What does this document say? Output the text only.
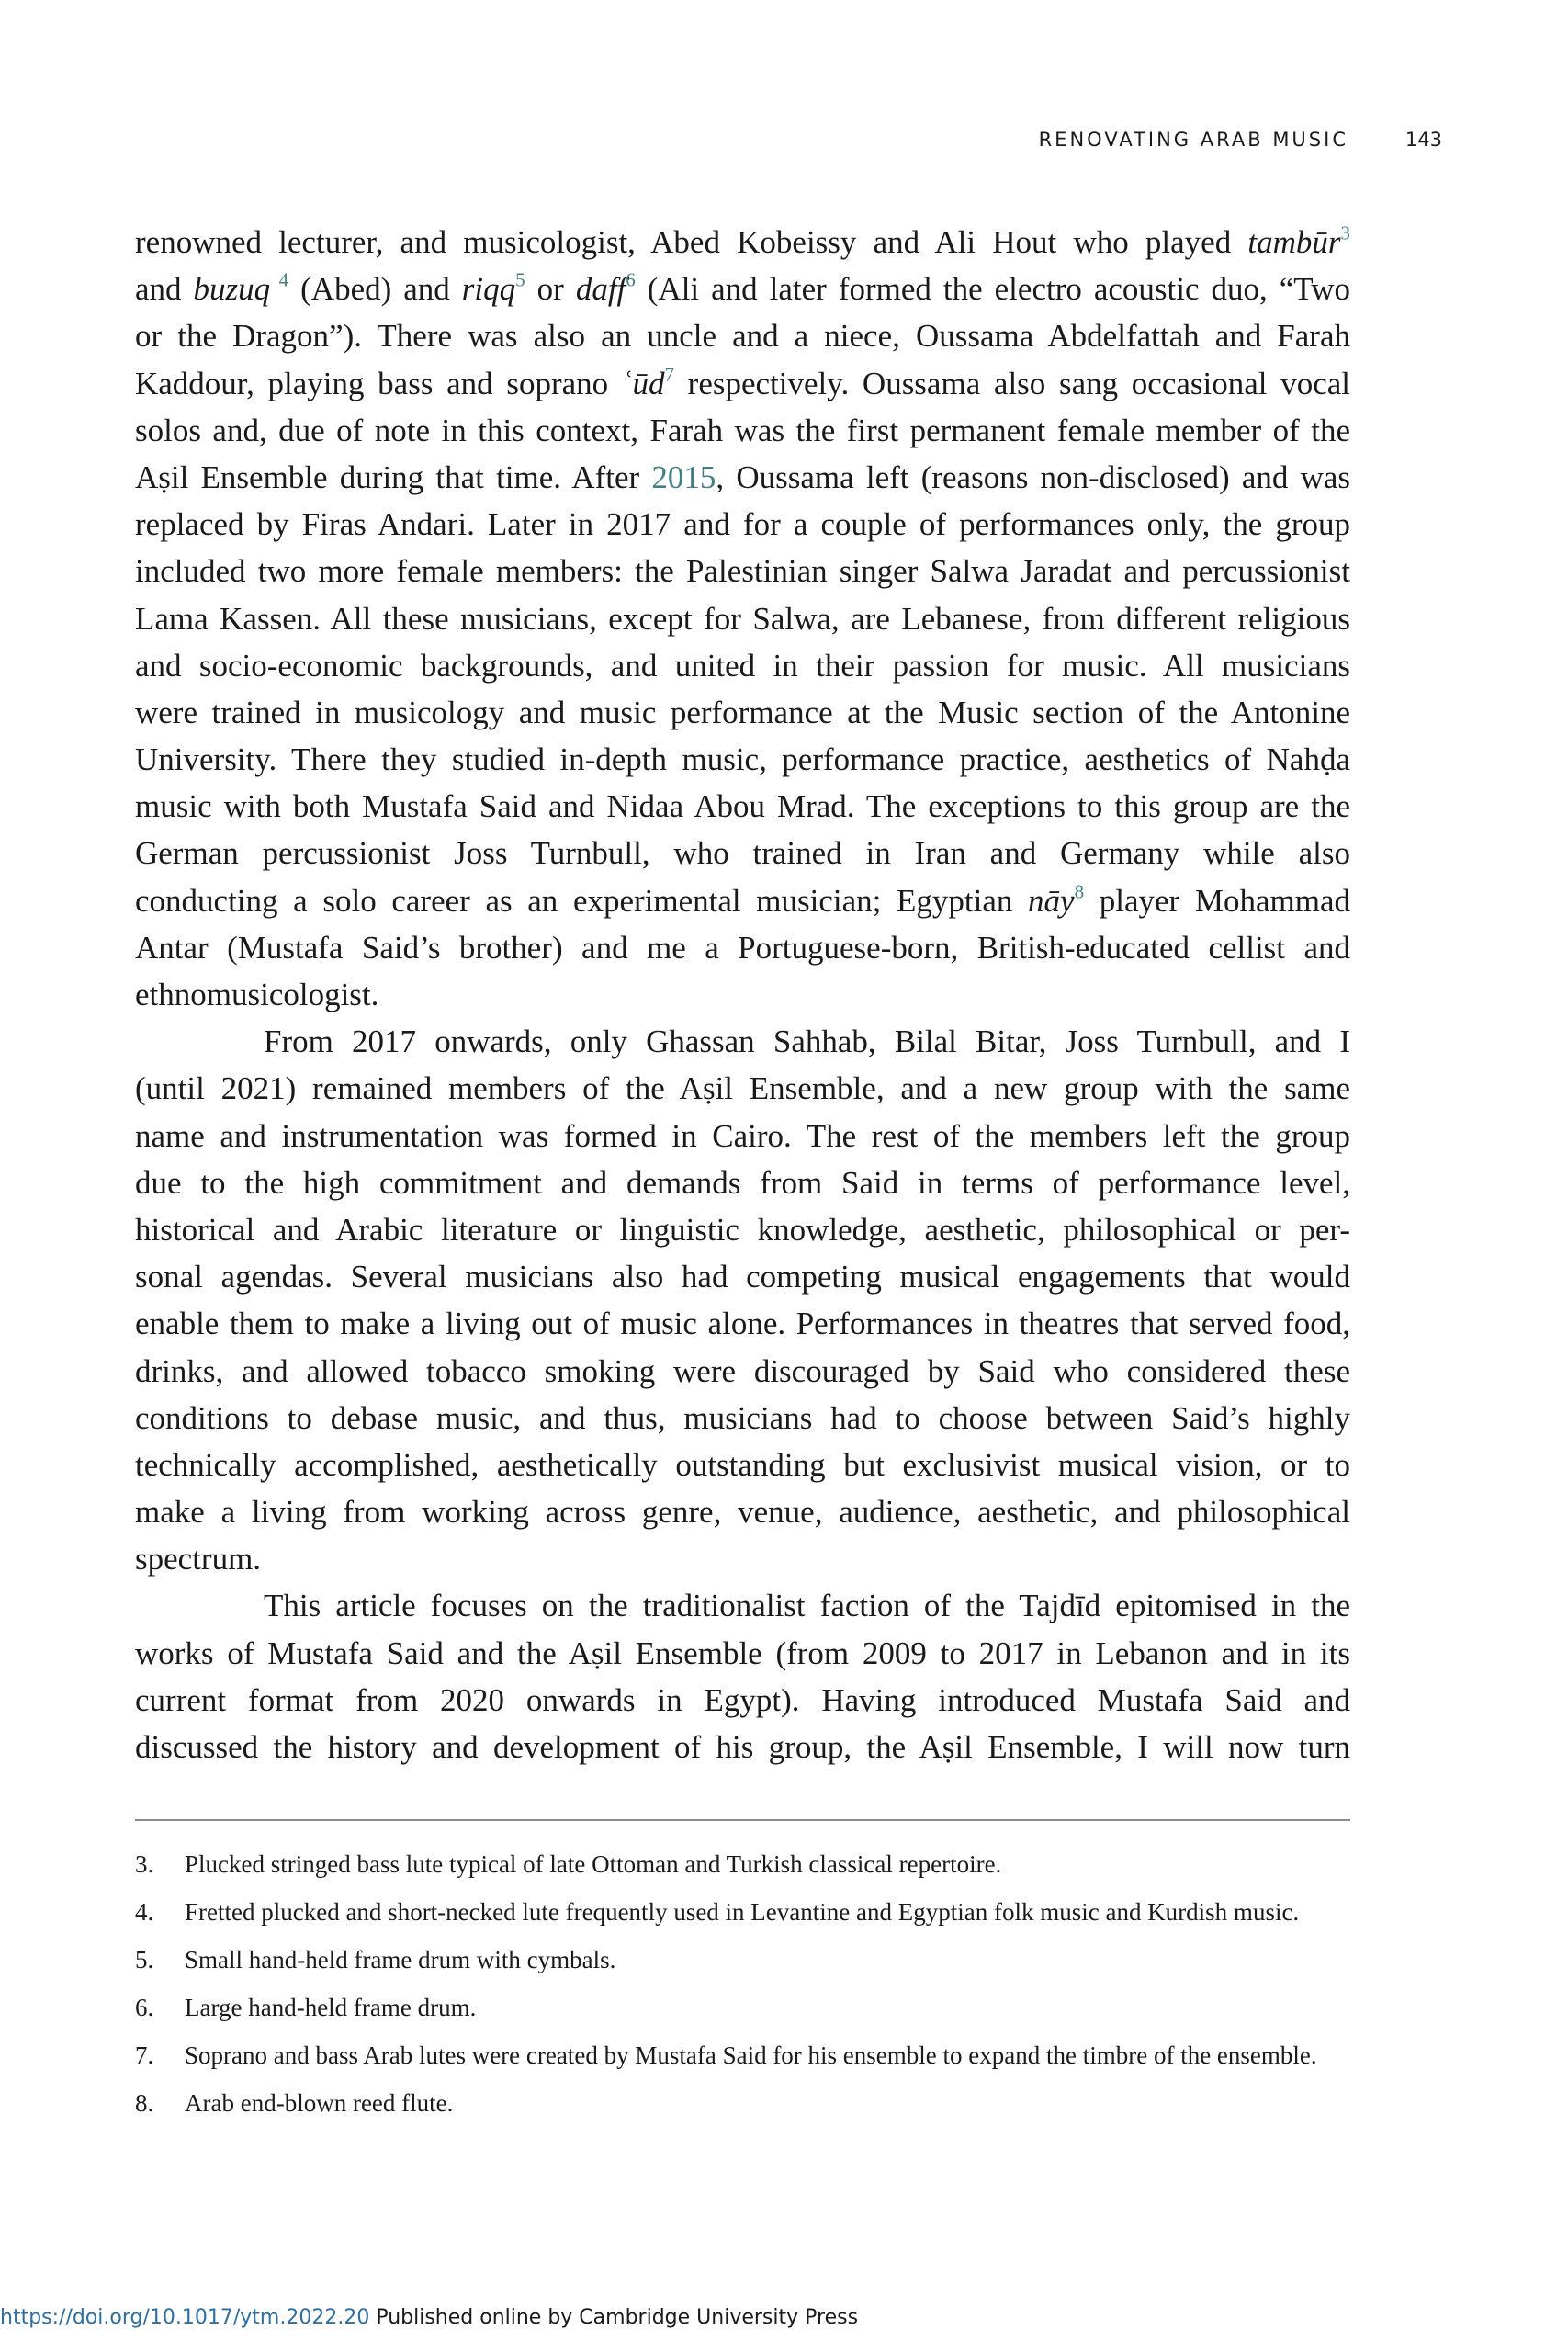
RENOVATING ARAB MUSIC	143
renowned lecturer, and musicologist, Abed Kobeissy and Ali Hout who played tambūr$^3$
and buzuq $^4$ (Abed) and riqq$^5$ or daff$^6$ (Ali and later formed the electro acoustic duo, “Two
or the Dragon”). There was also an uncle and a niece, Oussama Abdelfattah and Farah
Kaddour, playing bass and soprano ʿūd$^7$ respectively. Oussama also sang occasional vocal
solos and, due of note in this context, Farah was the first permanent female member of the
Aṣil Ensemble during that time. After 2015, Oussama left (reasons non-disclosed) and was
replaced by Firas Andari. Later in 2017 and for a couple of performances only, the group
included two more female members: the Palestinian singer Salwa Jaradat and percussionist
Lama Kassen. All these musicians, except for Salwa, are Lebanese, from different religious
and socio-economic backgrounds, and united in their passion for music. All musicians
were trained in musicology and music performance at the Music section of the Antonine
University. There they studied in-depth music, performance practice, aesthetics of Nahḍa
music with both Mustafa Said and Nidaa Abou Mrad. The exceptions to this group are the
German percussionist Joss Turnbull, who trained in Iran and Germany while also
conducting a solo career as an experimental musician; Egyptian nāy$^8$ player Mohammad
Antar (Mustafa Said’s brother) and me a Portuguese-born, British-educated cellist and
ethnomusicologist.
From 2017 onwards, only Ghassan Sahhab, Bilal Bitar, Joss Turnbull, and I
(until 2021) remained members of the Aṣil Ensemble, and a new group with the same
name and instrumentation was formed in Cairo. The rest of the members left the group
due to the high commitment and demands from Said in terms of performance level,
historical and Arabic literature or linguistic knowledge, aesthetic, philosophical or per-
sonal agendas. Several musicians also had competing musical engagements that would
enable them to make a living out of music alone. Performances in theatres that served food,
drinks, and allowed tobacco smoking were discouraged by Said who considered these
conditions to debase music, and thus, musicians had to choose between Said’s highly
technically accomplished, aesthetically outstanding but exclusivist musical vision, or to
make a living from working across genre, venue, audience, aesthetic, and philosophical
spectrum.
This article focuses on the traditionalist faction of the Tajdīd epitomised in the
works of Mustafa Said and the Aṣil Ensemble (from 2009 to 2017 in Lebanon and in its
current format from 2020 onwards in Egypt). Having introduced Mustafa Said and
discussed the history and development of his group, the Aṣil Ensemble, I will now turn
3. Plucked stringed bass lute typical of late Ottoman and Turkish classical repertoire.
4. Fretted plucked and short-necked lute frequently used in Levantine and Egyptian folk music and Kurdish music.
5. Small hand-held frame drum with cymbals.
6. Large hand-held frame drum.
7. Soprano and bass Arab lutes were created by Mustafa Said for his ensemble to expand the timbre of the ensemble.
8. Arab end-blown reed flute.
https://doi.org/10.1017/ytm.2022.20 Published online by Cambridge University Press
